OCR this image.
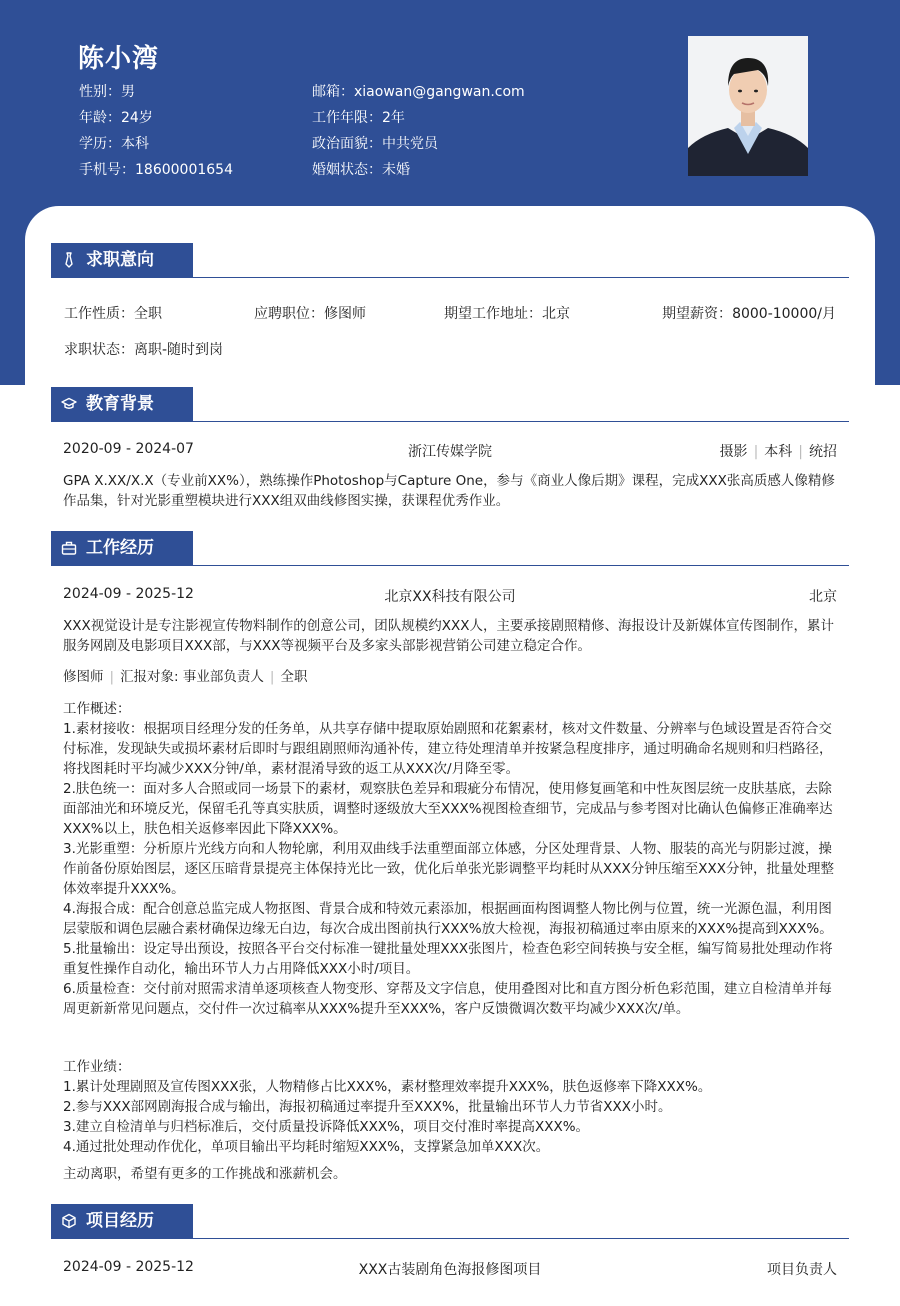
陈小湾
性别：男
年龄：24岁
学历：本科
手机号：18600001654
邮箱：xiaowan@gangwan.com
工作年限：2年
政治面貌：中共党员
婚姻状态：未婚
求职意向
工作性质：全职	应聘职位：修图师	期望工作地址：北京	期望薪资：8000-10000/月
求职状态：离职-随时到岗
教育背景
2020-09 - 2024-07	浙江传媒学院	摄影 | 本科 | 统招
GPA X.XX/X.X（专业前XX%），熟练操作Photoshop与Capture One，参与《商业人像后期》课程，完成XXX张高质感人像精修作品集，针对光影重塑模块进行XXX组双曲线修图实操，获课程优秀作业。
工作经历
2024-09 - 2025-12	北京XX科技有限公司	北京
XXX视觉设计是专注影视宣传物料制作的创意公司，团队规模约XXX人，主要承接剧照精修、海报设计及新媒体宣传图制作，累计服务网剧及电影项目XXX部，与XXX等视频平台及多家头部影视营销公司建立稳定合作。
修图师 | 汇报对象: 事业部负责人 | 全职
工作概述：
1.素材接收：根据项目经理分发的任务单，从共享存储中提取原始剧照和花絮素材，核对文件数量、分辨率与色域设置是否符合交付标准，发现缺失或损坏素材后即时与跟组剧照师沟通补传，建立待处理清单并按紧急程度排序，通过明确命名规则和归档路径，将找图耗时平均减少XXX分钟/单，素材混淆导致的返工从XXX次/月降至零。
2.肤色统一：面对多人合照或同一场景下的素材，观察肤色差异和瑕疵分布情况，使用修复画笔和中性灰图层统一皮肤基底，去除面部油光和环境反光，保留毛孔等真实肤质，调整时逐级放大至XXX%视图检查细节，完成品与参考图对比确认色偏修正准确率达XXX%以上，肤色相关返修率因此下降XXX%。
3.光影重塑：分析原片光线方向和人物轮廓，利用双曲线手法重塑面部立体感，分区处理背景、人物、服装的高光与阴影过渡，操作前备份原始图层，逐区压暗背景提亮主体保持光比一致，优化后单张光影调整平均耗时从XXX分钟压缩至XXX分钟，批量处理整体效率提升XXX%。
4.海报合成：配合创意总监完成人物抠图、背景合成和特效元素添加，根据画面构图调整人物比例与位置，统一光源色温，利用图层蒙版和调色层融合素材确保边缘无白边，每次合成出图前执行XXX%放大检视，海报初稿通过率由原来的XXX%提高到XXX%。
5.批量输出：设定导出预设，按照各平台交付标准一键批量处理XXX张图片，检查色彩空间转换与安全框，编写简易批处理动作将重复性操作自动化，输出环节人力占用降低XXX小时/项目。
6.质量检查：交付前对照需求清单逐项核查人物变形、穿帮及文字信息，使用叠图对比和直方图分析色彩范围，建立自检清单并每周更新新常见问题点，交付件一次过稿率从XXX%提升至XXX%，客户反馈微调次数平均减少XXX次/单。
工作业绩：
1.累计处理剧照及宣传图XXX张，人物精修占比XXX%，素材整理效率提升XXX%，肤色返修率下降XXX%。
2.参与XXX部网剧海报合成与输出，海报初稿通过率提升至XXX%，批量输出环节人力节省XXX小时。
3.建立自检清单与归档标准后，交付质量投诉降低XXX%，项目交付准时率提高XXX%。
4.通过批处理动作优化，单项目输出平均耗时缩短XXX%，支撑紧急加单XXX次。
主动离职，希望有更多的工作挑战和涨薪机会。
项目经历
2024-09 - 2025-12	XXX古装剧角色海报修图项目	项目负责人
